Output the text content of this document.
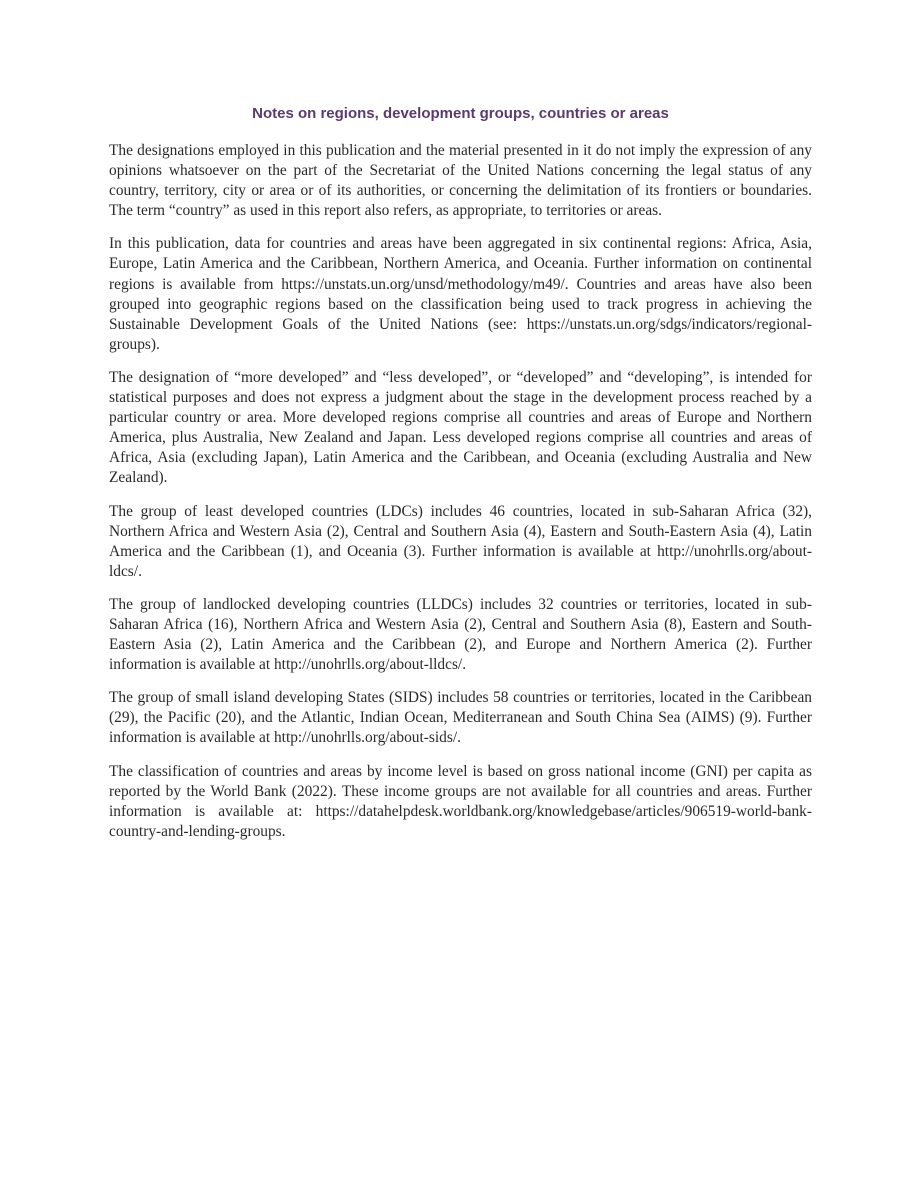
Notes on regions, development groups, countries or areas

The designations employed in this publication and the material presented in it do not imply the expression of any opinions whatsoever on the part of the Secretariat of the United Nations concerning the legal status of any country, territory, city or area or of its authorities, or concerning the delimitation of its frontiers or boundaries. The term “country” as used in this report also refers, as appropriate, to territories or areas.

In this publication, data for countries and areas have been aggregated in six continental regions: Africa, Asia, Europe, Latin America and the Caribbean, Northern America, and Oceania. Further information on continental regions is available from https://unstats.un.org/unsd/methodology/m49/. Countries and areas have also been grouped into geographic regions based on the classification being used to track progress in achieving the Sustainable Development Goals of the United Nations (see: https://unstats.un.org/sdgs/indicators/regional-groups).

The designation of “more developed” and “less developed”, or “developed” and “developing”, is intended for statistical purposes and does not express a judgment about the stage in the development process reached by a particular country or area. More developed regions comprise all countries and areas of Europe and Northern America, plus Australia, New Zealand and Japan. Less developed regions comprise all countries and areas of Africa, Asia (excluding Japan), Latin America and the Caribbean, and Oceania (excluding Australia and New Zealand).

The group of least developed countries (LDCs) includes 46 countries, located in sub-Saharan Africa (32), Northern Africa and Western Asia (2), Central and Southern Asia (4), Eastern and South-Eastern Asia (4), Latin America and the Caribbean (1), and Oceania (3). Further information is available at http://unohrlls.org/about-ldcs/.

The group of landlocked developing countries (LLDCs) includes 32 countries or territories, located in sub-Saharan Africa (16), Northern Africa and Western Asia (2), Central and Southern Asia (8), Eastern and South-Eastern Asia (2), Latin America and the Caribbean (2), and Europe and Northern America (2). Further information is available at http://unohrlls.org/about-lldcs/.

The group of small island developing States (SIDS) includes 58 countries or territories, located in the Caribbean (29), the Pacific (20), and the Atlantic, Indian Ocean, Mediterranean and South China Sea (AIMS) (9). Further information is available at http://unohrlls.org/about-sids/.

The classification of countries and areas by income level is based on gross national income (GNI) per capita as reported by the World Bank (2022). These income groups are not available for all countries and areas. Further information is available at: https://datahelpdesk.worldbank.org/knowledgebase/articles/906519-world-bank-country-and-lending-groups.
